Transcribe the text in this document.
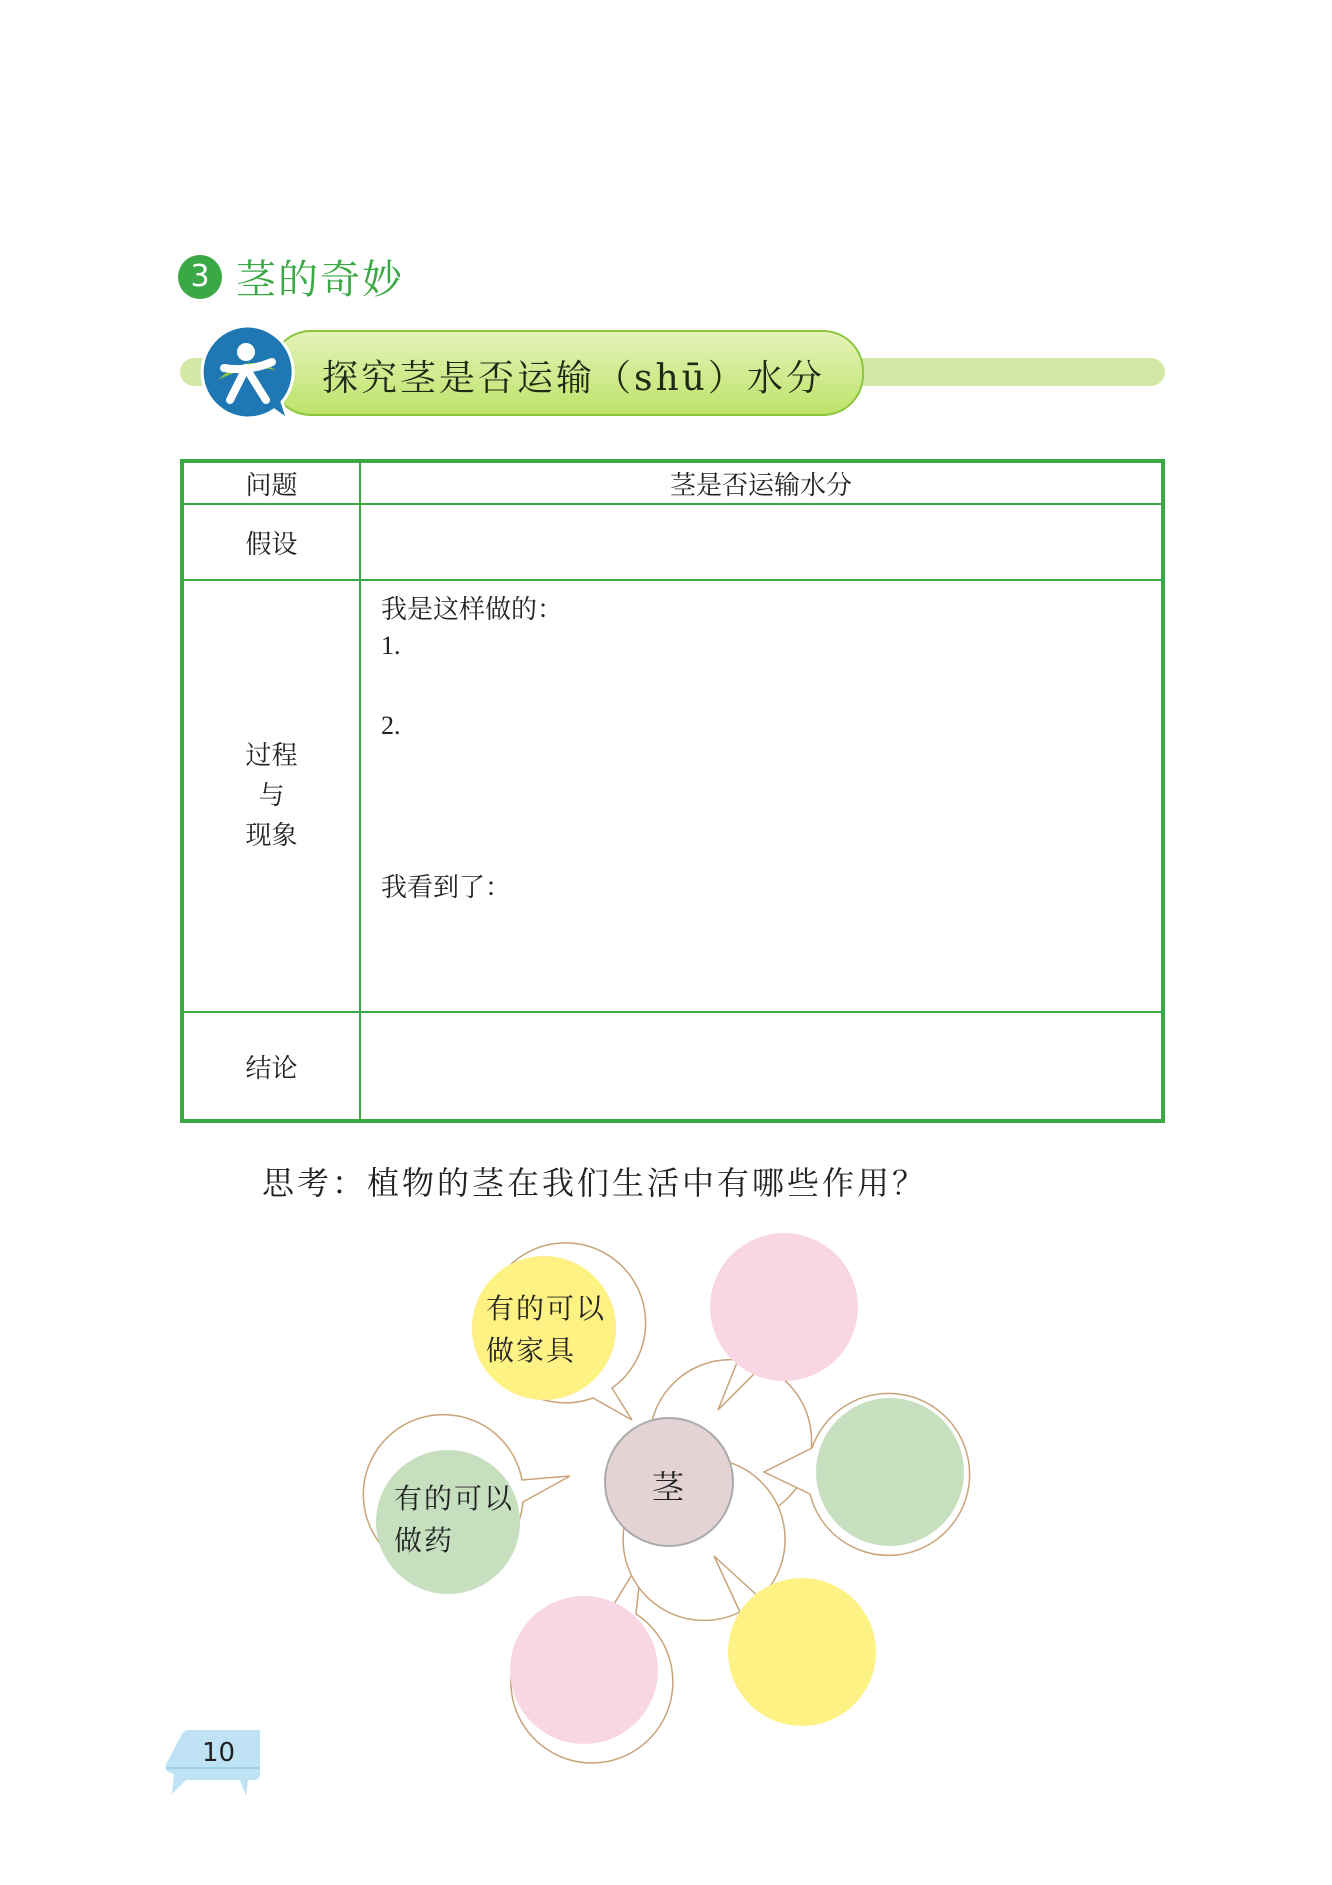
3 茎的奇妙
探究茎是否运输（shū）水分
问题	茎是否运输水分
假设	

过程
与
现象	我是这样做的：
1.
2.
我看到了：

结论	
思考：植物的茎在我们生活中有哪些作用？
茎
有的可以
做家具
有的可以
做药
10
